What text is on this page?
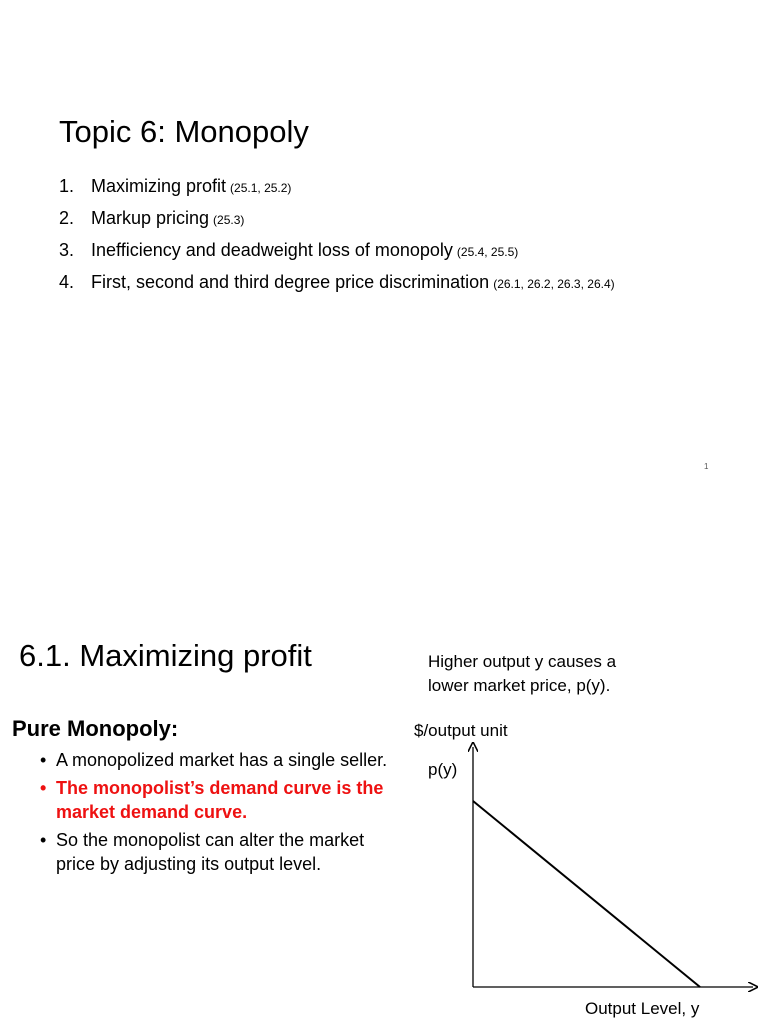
Topic 6: Monopoly
1. Maximizing profit (25.1, 25.2)
2. Markup pricing (25.3)
3. Inefficiency and deadweight loss of monopoly (25.4, 25.5)
4. First, second and third degree price discrimination (26.1, 26.2, 26.3, 26.4)
1
6.1. Maximizing profit	Higher output y causes a
lower market price, p(y).
Pure Monopoly:
• A monopolized market has a single seller.
• The monopolist’s demand curve is the market demand curve.
• So the monopolist can alter the market price by adjusting its output level.
$/output unit
p(y)
Output Level, y
